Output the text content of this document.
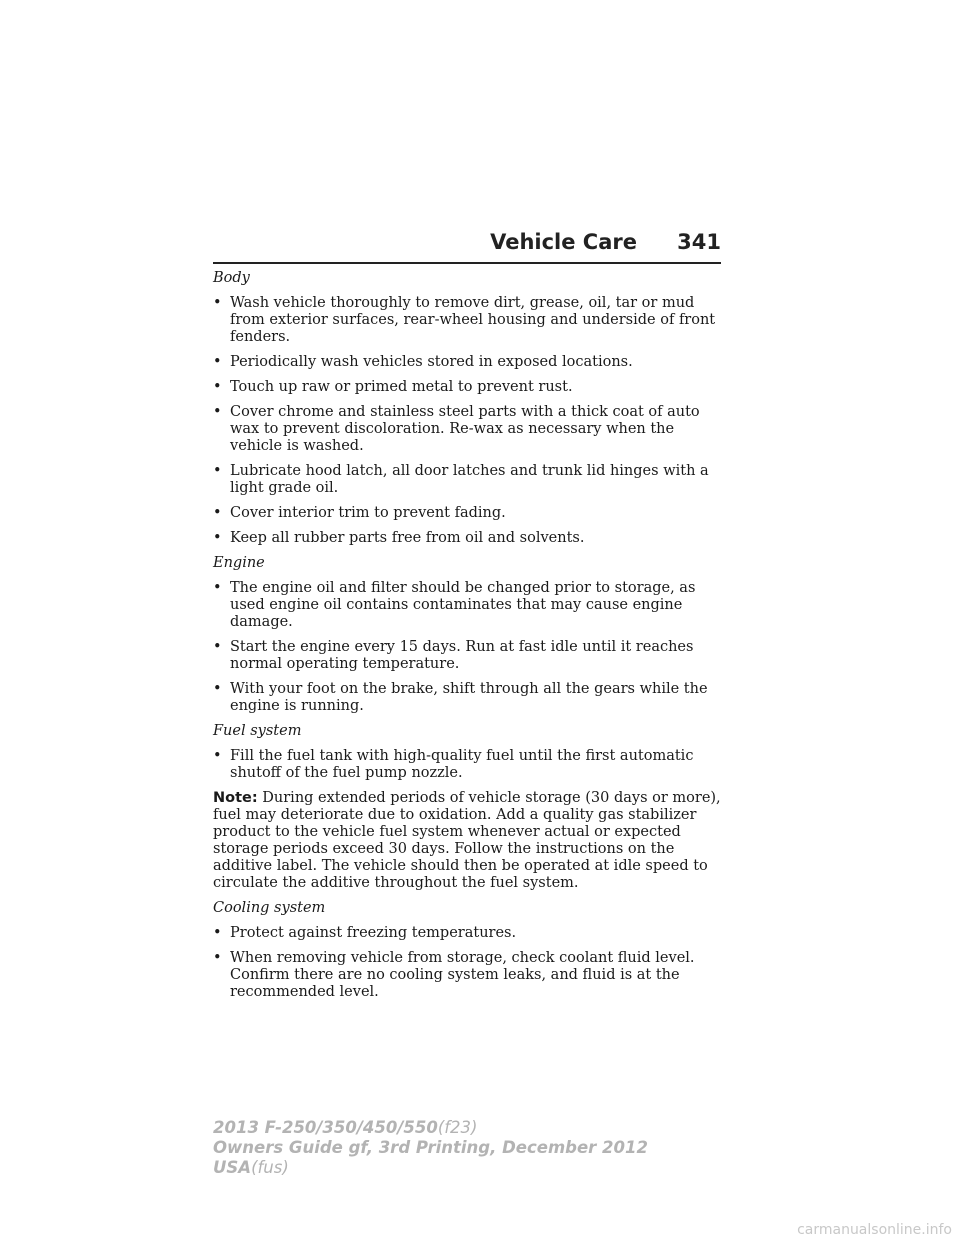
Vehicle Care 341
Body
• Wash vehicle thoroughly to remove dirt, grease, oil, tar or mud from exterior surfaces, rear-wheel housing and underside of front fenders.
• Periodically wash vehicles stored in exposed locations.
• Touch up raw or primed metal to prevent rust.
• Cover chrome and stainless steel parts with a thick coat of auto wax to prevent discoloration. Re-wax as necessary when the vehicle is washed.
• Lubricate hood latch, all door latches and trunk lid hinges with a light grade oil.
• Cover interior trim to prevent fading.
• Keep all rubber parts free from oil and solvents.
Engine
• The engine oil and filter should be changed prior to storage, as used engine oil contains contaminates that may cause engine damage.
• Start the engine every 15 days. Run at fast idle until it reaches normal operating temperature.
• With your foot on the brake, shift through all the gears while the engine is running.
Fuel system
• Fill the fuel tank with high-quality fuel until the first automatic shutoff of the fuel pump nozzle.
Note: During extended periods of vehicle storage (30 days or more), fuel may deteriorate due to oxidation. Add a quality gas stabilizer product to the vehicle fuel system whenever actual or expected storage periods exceed 30 days. Follow the instructions on the additive label. The vehicle should then be operated at idle speed to circulate the additive throughout the fuel system.
Cooling system
• Protect against freezing temperatures.
• When removing vehicle from storage, check coolant fluid level. Confirm there are no cooling system leaks, and fluid is at the recommended level.
2013 F-250/350/450/550(f23)
Owners Guide gf, 3rd Printing, December 2012
USA(fus)
carmanualsonline.info
